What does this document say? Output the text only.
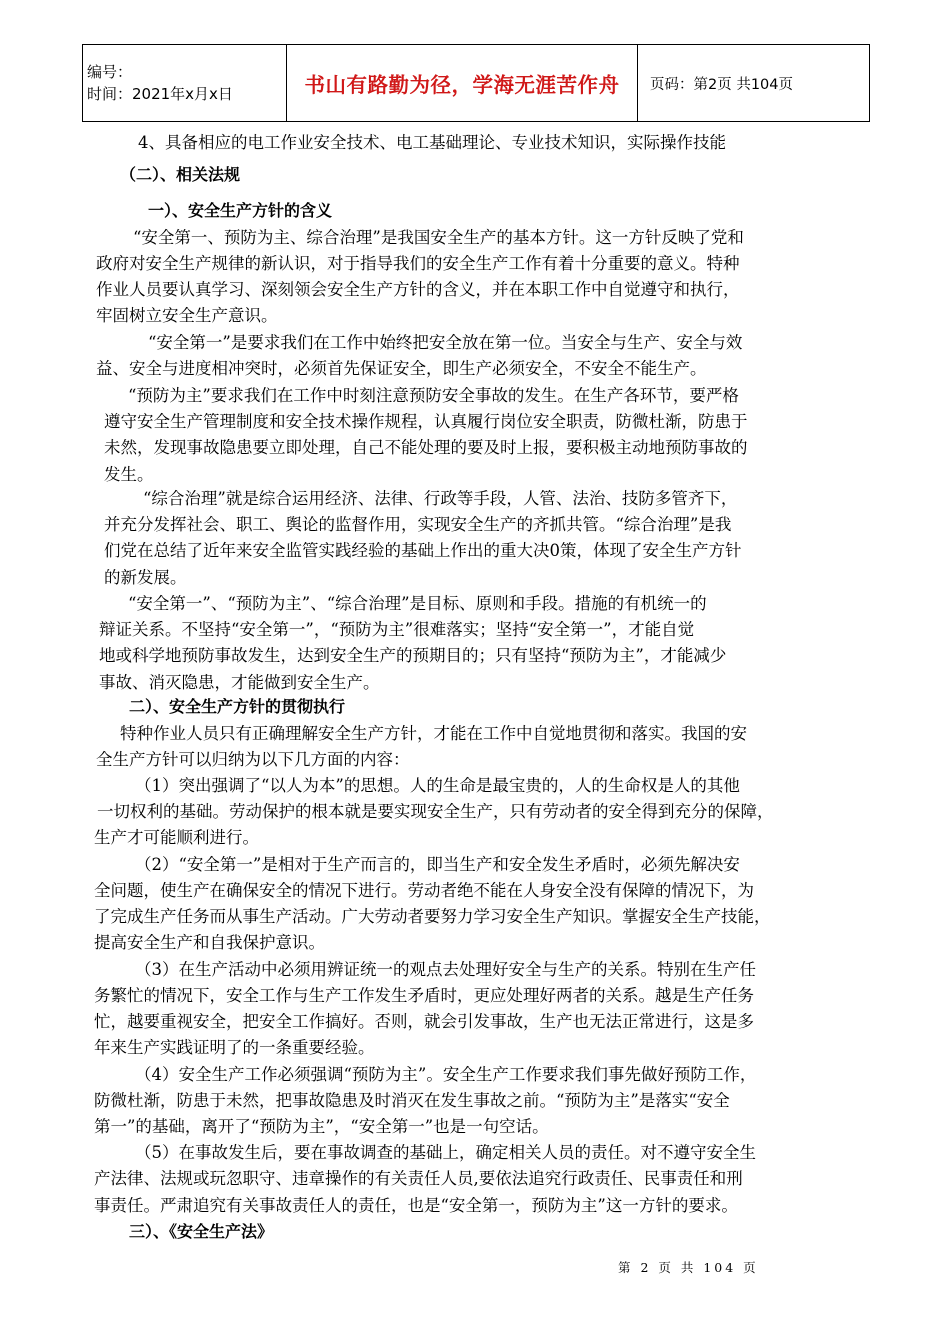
编号：
时间：2021年x月x日	书山有路勤为径，学海无涯苦作舟	页码：第2页 共104页
4、具备相应的电工作业安全技术、电工基础理论、专业技术知识，实际操作技能
（二）、相关法规
一）、安全生产方针的含义
“安全第一、预防为主、综合治理”是我国安全生产的基本方针。这一方针反映了党和
政府对安全生产规律的新认识，对于指导我们的安全生产工作有着十分重要的意义。特种
作业人员要认真学习、深刻领会安全生产方针的含义，并在本职工作中自觉遵守和执行，
牢固树立安全生产意识。
“安全第一”是要求我们在工作中始终把安全放在第一位。当安全与生产、安全与效
益、安全与进度相冲突时，必须首先保证安全，即生产必须安全，不安全不能生产。
“预防为主”要求我们在工作中时刻注意预防安全事故的发生。在生产各环节，要严格
遵守安全生产管理制度和安全技术操作规程，认真履行岗位安全职责，防微杜渐，防患于
未然，发现事故隐患要立即处理，自己不能处理的要及时上报，要积极主动地预防事故的
发生。
“综合治理”就是综合运用经济、法律、行政等手段，人管、法治、技防多管齐下，
并充分发挥社会、职工、舆论的监督作用，实现安全生产的齐抓共管。“综合治理”是我
们党在总结了近年来安全监管实践经验的基础上作出的重大决0策，体现了安全生产方针
的新发展。
“安全第一”、“预防为主”、“综合治理”是目标、原则和手段。措施的有机统一的
辩证关系。不坚持“安全第一”，“预防为主”很难落实；坚持“安全第一”，才能自觉
地或科学地预防事故发生，达到安全生产的预期目的；只有坚持“预防为主”，才能减少
事故、消灭隐患，才能做到安全生产。
二）、安全生产方针的贯彻执行
特种作业人员只有正确理解安全生产方针，才能在工作中自觉地贯彻和落实。我国的安
全生产方针可以归纳为以下几方面的内容：
（1）突出强调了“以人为本”的思想。人的生命是最宝贵的，人的生命权是人的其他
一切权利的基础。劳动保护的根本就是要实现安全生产，只有劳动者的安全得到充分的保障，
生产才可能顺利进行。
（2）“安全第一”是相对于生产而言的，即当生产和安全发生矛盾时，必须先解决安
全问题，使生产在确保安全的情况下进行。劳动者绝不能在人身安全没有保障的情况下，为
了完成生产任务而从事生产活动。广大劳动者要努力学习安全生产知识。掌握安全生产技能，
提高安全生产和自我保护意识。
（3）在生产活动中必须用辨证统一的观点去处理好安全与生产的关系。特别在生产任
务繁忙的情况下，安全工作与生产工作发生矛盾时，更应处理好两者的关系。越是生产任务
忙，越要重视安全，把安全工作搞好。否则，就会引发事故，生产也无法正常进行，这是多
年来生产实践证明了的一条重要经验。
（4）安全生产工作必须强调“预防为主”。安全生产工作要求我们事先做好预防工作，
防微杜渐，防患于未然，把事故隐患及时消灭在发生事故之前。“预防为主”是落实“安全
第一”的基础，离开了“预防为主”，“安全第一”也是一句空话。
（5）在事故发生后，要在事故调查的基础上，确定相关人员的责任。对不遵守安全生
产法律、法规或玩忽职守、违章操作的有关责任人员,要依法追究行政责任、民事责任和刑
事责任。严肃追究有关事故责任人的责任，也是“安全第一，预防为主”这一方针的要求。
三）、《安全生产法》
第 2 页 共 104 页
